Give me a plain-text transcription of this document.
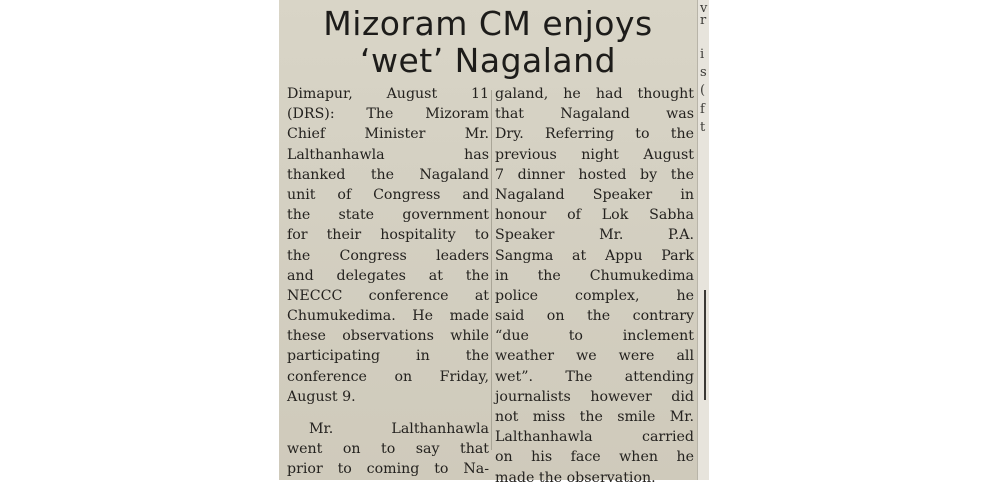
Mizoram CM enjoys
‘wet’ Nagaland
Dimapur, August 11
(DRS): The Mizoram
Chief Minister Mr.
Lalthanhawla has
thanked the Nagaland
unit of Congress and
the state government
for their hospitality to
the Congress leaders
and delegates at the
NECCC conference at
Chumukedima. He made
these observations while
participating in the
conference on Friday,
August 9.
Mr. Lalthanhawla
went on to say that
prior to coming to Na-
galand, he had thought
that Nagaland was
Dry. Referring to the
previous night August
7 dinner hosted by the
Nagaland Speaker in
honour of Lok Sabha
Speaker Mr. P.A.
Sangma at Appu Park
in the Chumukedima
police complex, he
said on the contrary
“due to inclement
weather we were all
wet”. The attending
journalists however did
not miss the smile Mr.
Lalthanhawla carried
on his face when he
made the observation.
v
r
i
s
(
f
t
